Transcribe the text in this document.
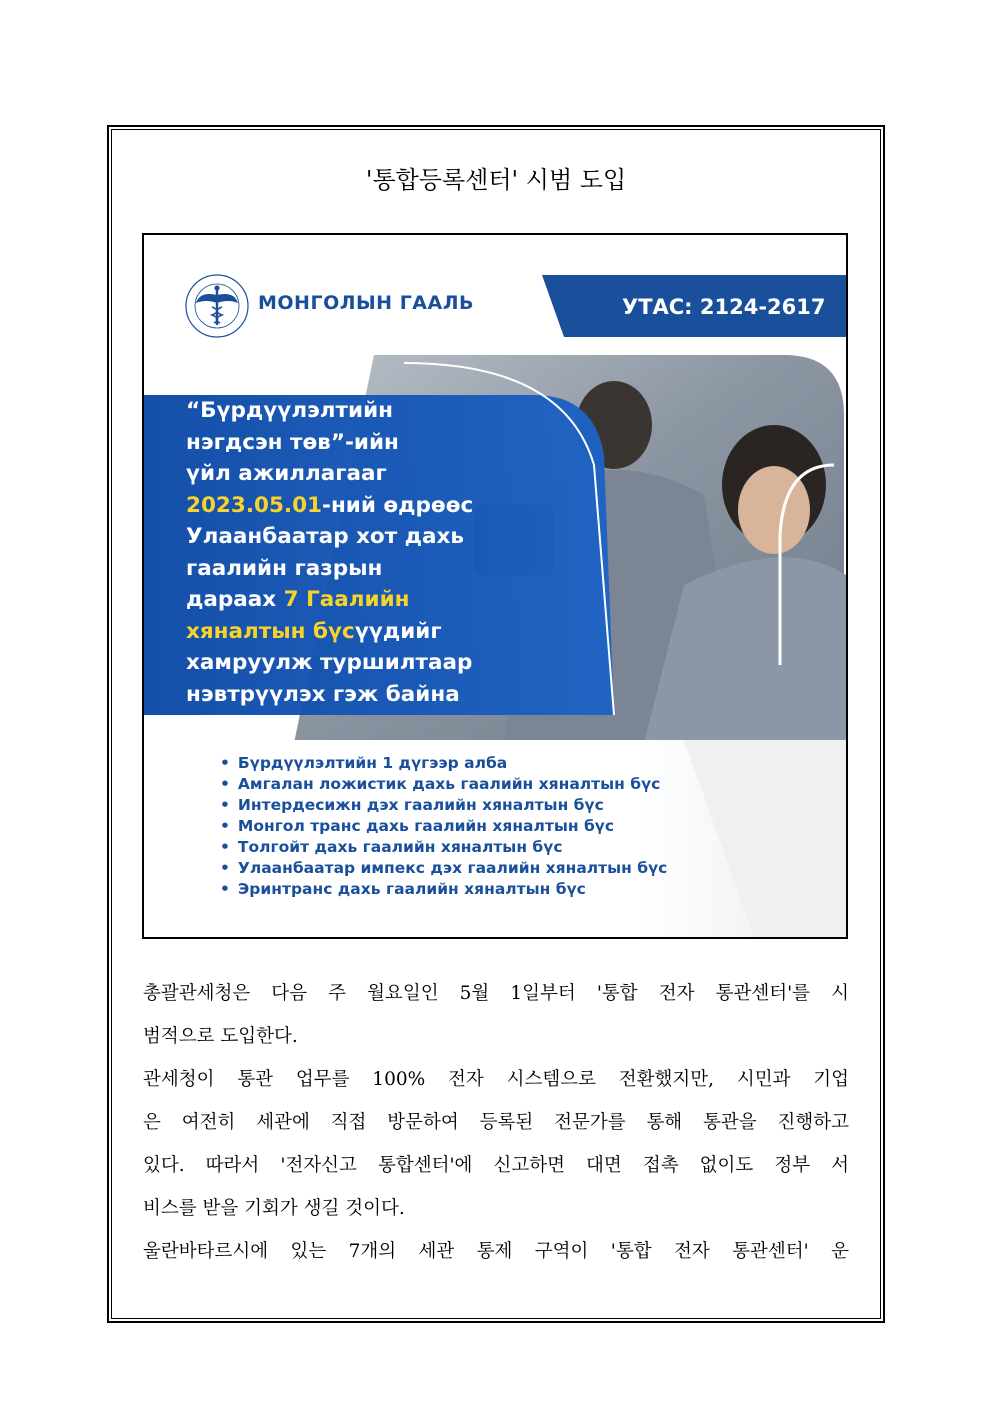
'통합등록센터' 시범 도입
МОНГОЛЫН ГААЛЬ	УТАС: 2124-2617
“Бүрдүүлэлтийн
нэгдсэн төв”-ийн
үйл ажиллагааг
2023.05.01-ний өдрөөс
Улаанбаатар хот дахь
гаалийн газрын
дараах 7 Гаалийн
хяналтын бүсүүдийг
хамруулж туршилтаар
нэвтрүүлэх гэж байна
• Бүрдүүлэлтийн 1 дүгээр алба
• Амгалан ложистик дахь гаалийн хяналтын бүс
• Интердесижн дэх гаалийн хяналтын бүс
• Монгол транс дахь гаалийн хяналтын бүс
• Толгойт дахь гаалийн хяналтын бүс
• Улаанбаатар импекс дэх гаалийн хяналтын бүс
• Эринтранс дахь гаалийн хяналтын бүс
총괄관세청은 다음 주 월요일인 5월 1일부터 '통합 전자 통관센터'를 시
범적으로 도입한다.
관세청이 통관 업무를 100% 전자 시스템으로 전환했지만, 시민과 기업
은 여전히 세관에 직접 방문하여 등록된 전문가를 통해 통관을 진행하고
있다. 따라서 '전자신고 통합센터'에 신고하면 대면 접촉 없이도 정부 서
비스를 받을 기회가 생길 것이다.
울란바타르시에 있는 7개의 세관 통제 구역이 '통합 전자 통관센터' 운
